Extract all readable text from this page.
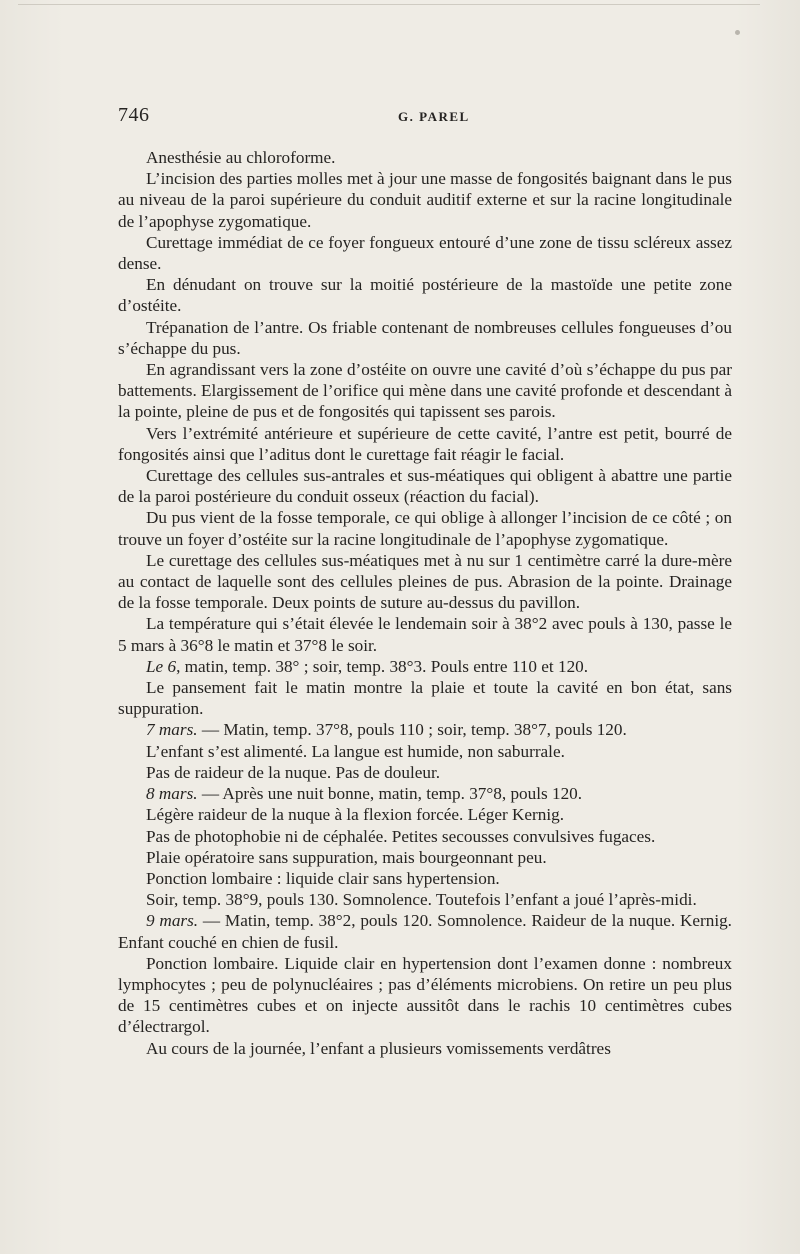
746	G. PAREL

Anesthésie au chloroforme.

L’incision des parties molles met à jour une masse de fongosités baignant dans le pus au niveau de la paroi supérieure du conduit auditif externe et sur la racine longitudinale de l’apophyse zygomatique.

Curettage immédiat de ce foyer fongueux entouré d’une zone de tissu scléreux assez dense.

En dénudant on trouve sur la moitié postérieure de la mastoïde une petite zone d’ostéite.

Trépanation de l’antre. Os friable contenant de nombreuses cellules fongueuses d’ou s’échappe du pus.

En agrandissant vers la zone d’ostéite on ouvre une cavité d’où s’échappe du pus par battements. Elargissement de l’orifice qui mène dans une cavité profonde et descendant à la pointe, pleine de pus et de fongosités qui tapissent ses parois.

Vers l’extrémité antérieure et supérieure de cette cavité, l’antre est petit, bourré de fongosités ainsi que l’aditus dont le curettage fait réagir le facial.

Curettage des cellules sus-antrales et sus-méatiques qui obligent à abattre une partie de la paroi postérieure du conduit osseux (réaction du facial).

Du pus vient de la fosse temporale, ce qui oblige à allonger l’incision de ce côté ; on trouve un foyer d’ostéite sur la racine longitudinale de l’apophyse zygomatique.

Le curettage des cellules sus-méatiques met à nu sur 1 centimètre carré la dure-mère au contact de laquelle sont des cellules pleines de pus. Abrasion de la pointe. Drainage de la fosse temporale. Deux points de suture au-dessus du pavillon.

La température qui s’était élevée le lendemain soir à 38°2 avec pouls à 130, passe le 5 mars à 36°8 le matin et 37°8 le soir.

Le 6, matin, temp. 38° ; soir, temp. 38°3. Pouls entre 110 et 120.

Le pansement fait le matin montre la plaie et toute la cavité en bon état, sans suppuration.

7 mars. — Matin, temp. 37°8, pouls 110 ; soir, temp. 38°7, pouls 120.

L’enfant s’est alimenté. La langue est humide, non saburrale.

Pas de raideur de la nuque. Pas de douleur.

8 mars. — Après une nuit bonne, matin, temp. 37°8, pouls 120.

Légère raideur de la nuque à la flexion forcée. Léger Kernig.

Pas de photophobie ni de céphalée. Petites secousses convulsives fugaces.

Plaie opératoire sans suppuration, mais bourgeonnant peu.

Ponction lombaire : liquide clair sans hypertension.

Soir, temp. 38°9, pouls 130. Somnolence. Toutefois l’enfant a joué l’après-midi.

9 mars. — Matin, temp. 38°2, pouls 120. Somnolence. Raideur de la nuque. Kernig. Enfant couché en chien de fusil.

Ponction lombaire. Liquide clair en hypertension dont l’examen donne : nombreux lymphocytes ; peu de polynucléaires ; pas d’éléments microbiens. On retire un peu plus de 15 centimètres cubes et on injecte aussitôt dans le rachis 10 centimètres cubes d’électrargol.

Au cours de la journée, l’enfant a plusieurs vomissements verdâtres
